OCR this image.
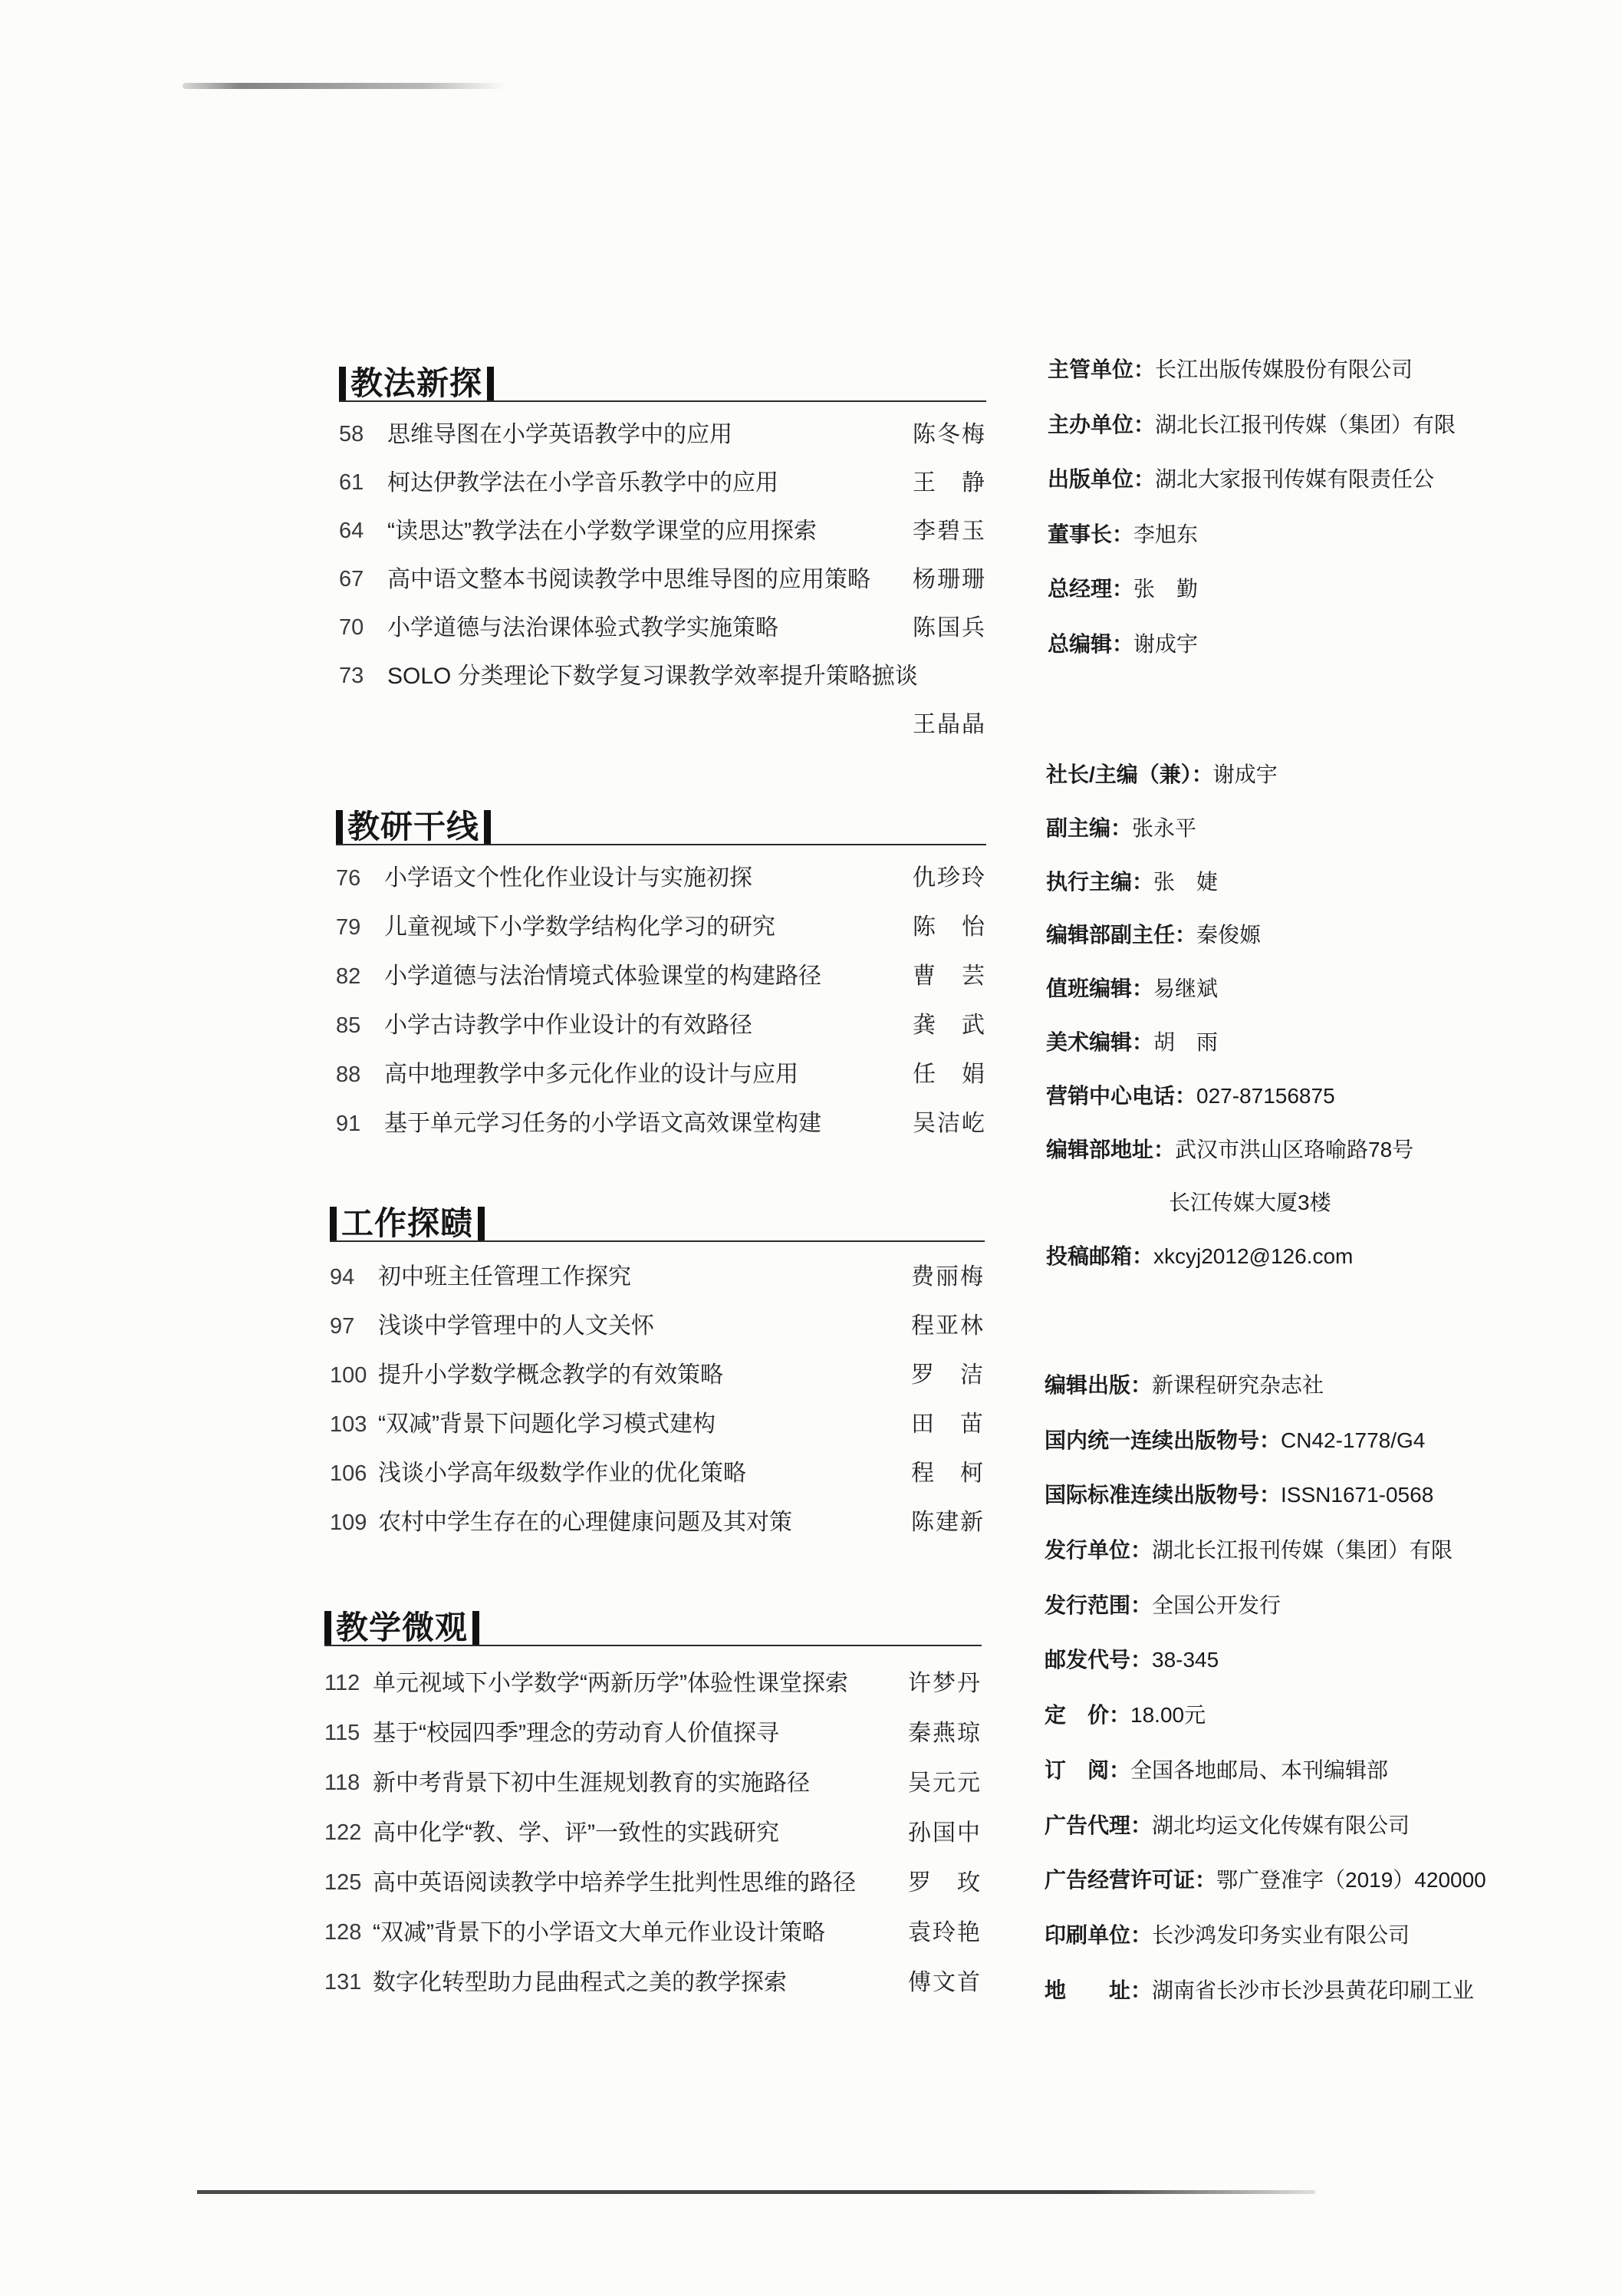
教法新探
58	思维导图在小学英语教学中的应用	陈冬梅
61	柯达伊教学法在小学音乐教学中的应用	王　静
64	“读思达”教学法在小学数学课堂的应用探索	李碧玉
67	高中语文整本书阅读教学中思维导图的应用策略	杨珊珊
70	小学道德与法治课体验式教学实施策略	陈国兵
73	SOLO 分类理论下数学复习课教学效率提升策略摭谈
王晶晶
教研干线
76	小学语文个性化作业设计与实施初探	仇珍玲
79	儿童视域下小学数学结构化学习的研究	陈　怡
82	小学道德与法治情境式体验课堂的构建路径	曹　芸
85	小学古诗教学中作业设计的有效路径	龚　武
88	高中地理教学中多元化作业的设计与应用	任　娟
91	基于单元学习任务的小学语文高效课堂构建	吴洁屹
工作探赜
94	初中班主任管理工作探究	费丽梅
97	浅谈中学管理中的人文关怀	程亚林
100 提升小学数学概念教学的有效策略	罗　洁
103 “双减”背景下问题化学习模式建构	田　苗
106 浅谈小学高年级数学作业的优化策略	程　柯
109 农村中学生存在的心理健康问题及其对策	陈建新
教学微观
112 单元视域下小学数学“两新历学”体验性课堂探索	许梦丹
115 基于“校园四季”理念的劳动育人价值探寻	秦燕琼
118 新中考背景下初中生涯规划教育的实施路径	吴元元
122 高中化学“教、学、评”一致性的实践研究	孙国中
125 高中英语阅读教学中培养学生批判性思维的路径	罗　玫
128 “双减”背景下的小学语文大单元作业设计策略	袁玲艳
131 数字化转型助力昆曲程式之美的教学探索	傅文首
主管单位：长江出版传媒股份有限公司
主办单位：湖北长江报刊传媒（集团）有限
出版单位：湖北大家报刊传媒有限责任公
董事长：李旭东
总经理：张　勤
总编辑：谢成宇
社长/主编（兼）：谢成宇
副主编：张永平
执行主编：张　婕
编辑部副主任：秦俊嫄
值班编辑：易继斌
美术编辑：胡　雨
营销中心电话：027-87156875
编辑部地址：武汉市洪山区珞喻路78号
长江传媒大厦3楼
投稿邮箱：xkcyj2012@126.com
编辑出版：新课程研究杂志社
国内统一连续出版物号：CN42-1778/G4
国际标准连续出版物号：ISSN1671-0568
发行单位：湖北长江报刊传媒（集团）有限
发行范围：全国公开发行
邮发代号：38-345
定　价：18.00元
订　阅：全国各地邮局、本刊编辑部
广告代理：湖北均运文化传媒有限公司
广告经营许可证：鄂广登准字（2019）420000
印刷单位：长沙鸿发印务实业有限公司
地　　址：湖南省长沙市长沙县黄花印刷工业
